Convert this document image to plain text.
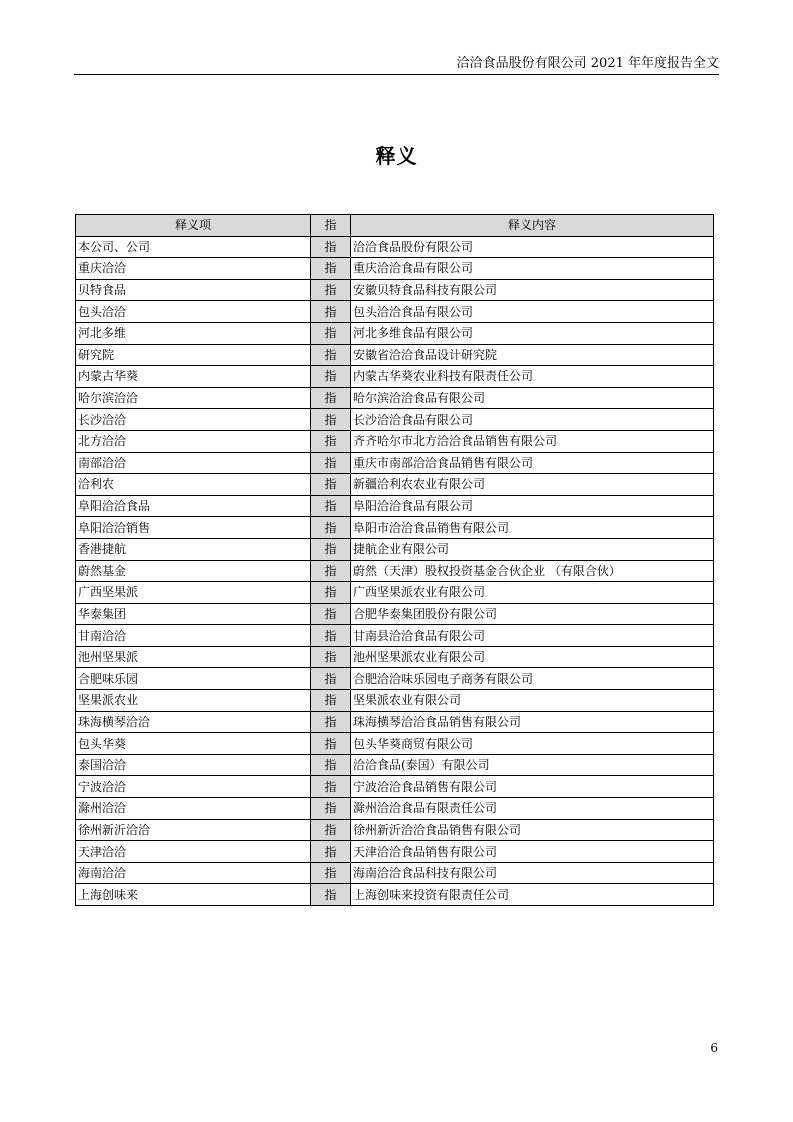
洽洽食品股份有限公司 2021 年年度报告全文
释义
释义项	指	释义内容
本公司、公司	指	洽洽食品股份有限公司
重庆洽洽	指	重庆洽洽食品有限公司
贝特食品	指	安徽贝特食品科技有限公司
包头洽洽	指	包头洽洽食品有限公司
河北多维	指	河北多维食品有限公司
研究院	指	安徽省洽洽食品设计研究院
内蒙古华葵	指	内蒙古华葵农业科技有限责任公司
哈尔滨洽洽	指	哈尔滨洽洽食品有限公司
长沙洽洽	指	长沙洽洽食品有限公司
北方洽洽	指	齐齐哈尔市北方洽洽食品销售有限公司
南部洽洽	指	重庆市南部洽洽食品销售有限公司
洽利农	指	新疆洽利农农业有限公司
阜阳洽洽食品	指	阜阳洽洽食品有限公司
阜阳洽洽销售	指	阜阳市洽洽食品销售有限公司
香港捷航	指	捷航企业有限公司
蔚然基金	指	蔚然（天津）股权投资基金合伙企业 （有限合伙）
广西坚果派	指	广西坚果派农业有限公司
华泰集团	指	合肥华泰集团股份有限公司
甘南洽洽	指	甘南县洽洽食品有限公司
池州坚果派	指	池州坚果派农业有限公司
合肥味乐园	指	合肥洽洽味乐园电子商务有限公司
坚果派农业	指	坚果派农业有限公司
珠海横琴洽洽	指	珠海横琴洽洽食品销售有限公司
包头华葵	指	包头华葵商贸有限公司
泰国洽洽	指	洽洽食品(泰国）有限公司
宁波洽洽	指	宁波洽洽食品销售有限公司
滁州洽洽	指	滁州洽洽食品有限责任公司
徐州新沂洽洽	指	徐州新沂洽洽食品销售有限公司
天津洽洽	指	天津洽洽食品销售有限公司
海南洽洽	指	海南洽洽食品科技有限公司
上海创味来	指	上海创味来投资有限责任公司
6
